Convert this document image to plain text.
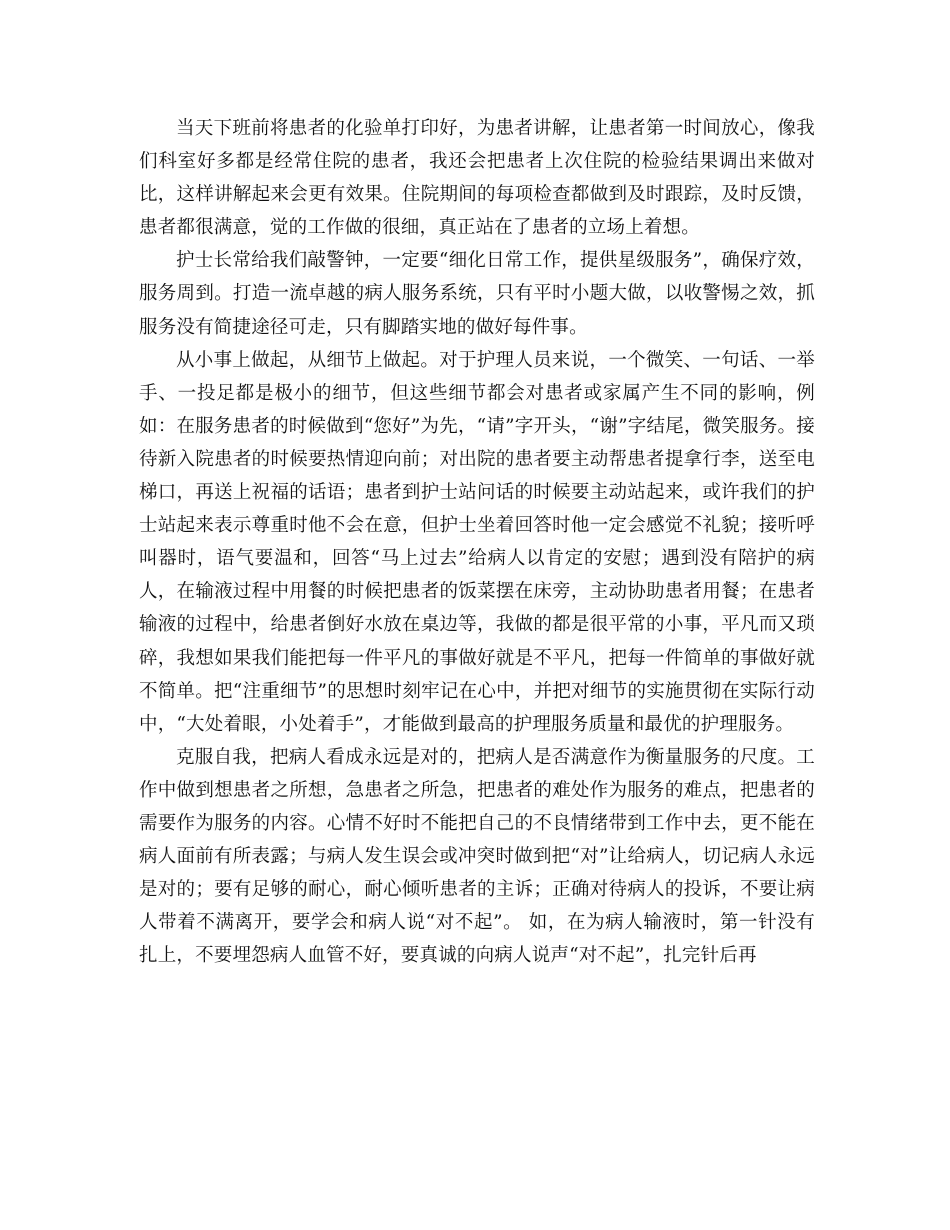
当天下班前将患者的化验单打印好，为患者讲解，让患者第一时间放心，像我们科室好多都是经常住院的患者，我还会把患者上次住院的检验结果调出来做对比，这样讲解起来会更有效果。住院期间的每项检查都做到及时跟踪，及时反馈，患者都很满意，觉的工作做的很细，真正站在了患者的立场上着想。

护士长常给我们敲警钟，一定要“细化日常工作，提供星级服务”，确保疗效，服务周到。打造一流卓越的病人服务系统，只有平时小题大做，以收警惕之效，抓服务没有简捷途径可走，只有脚踏实地的做好每件事。

从小事上做起，从细节上做起。对于护理人员来说，一个微笑、一句话、一举手、一投足都是极小的细节，但这些细节都会对患者或家属产生不同的影响，例如：在服务患者的时候做到“您好”为先，“请”字开头，“谢”字结尾，微笑服务。接待新入院患者的时候要热情迎向前；对出院的患者要主动帮患者提拿行李，送至电梯口，再送上祝福的话语；患者到护士站问话的时候要主动站起来，或许我们的护士站起来表示尊重时他不会在意，但护士坐着回答时他一定会感觉不礼貌；接听呼叫器时，语气要温和，回答“马上过去”给病人以肯定的安慰；遇到没有陪护的病人，在输液过程中用餐的时候把患者的饭菜摆在床旁，主动协助患者用餐；在患者输液的过程中，给患者倒好水放在桌边等，我做的都是很平常的小事，平凡而又琐碎，我想如果我们能把每一件平凡的事做好就是不平凡，把每一件简单的事做好就不简单。把“注重细节”的思想时刻牢记在心中，并把对细节的实施贯彻在实际行动中，“大处着眼，小处着手”，才能做到最高的护理服务质量和最优的护理服务。

克服自我，把病人看成永远是对的，把病人是否满意作为衡量服务的尺度。工作中做到想患者之所想，急患者之所急，把患者的难处作为服务的难点，把患者的需要作为服务的内容。心情不好时不能把自己的不良情绪带到工作中去，更不能在病人面前有所表露；与病人发生误会或冲突时做到把“对”让给病人，切记病人永远是对的；要有足够的耐心，耐心倾听患者的主诉；正确对待病人的投诉，不要让病人带着不满离开，要学会和病人说“对不起”。 如，在为病人输液时，第一针没有扎上，不要埋怨病人血管不好，要真诚的向病人说声“对不起”，扎完针后再
